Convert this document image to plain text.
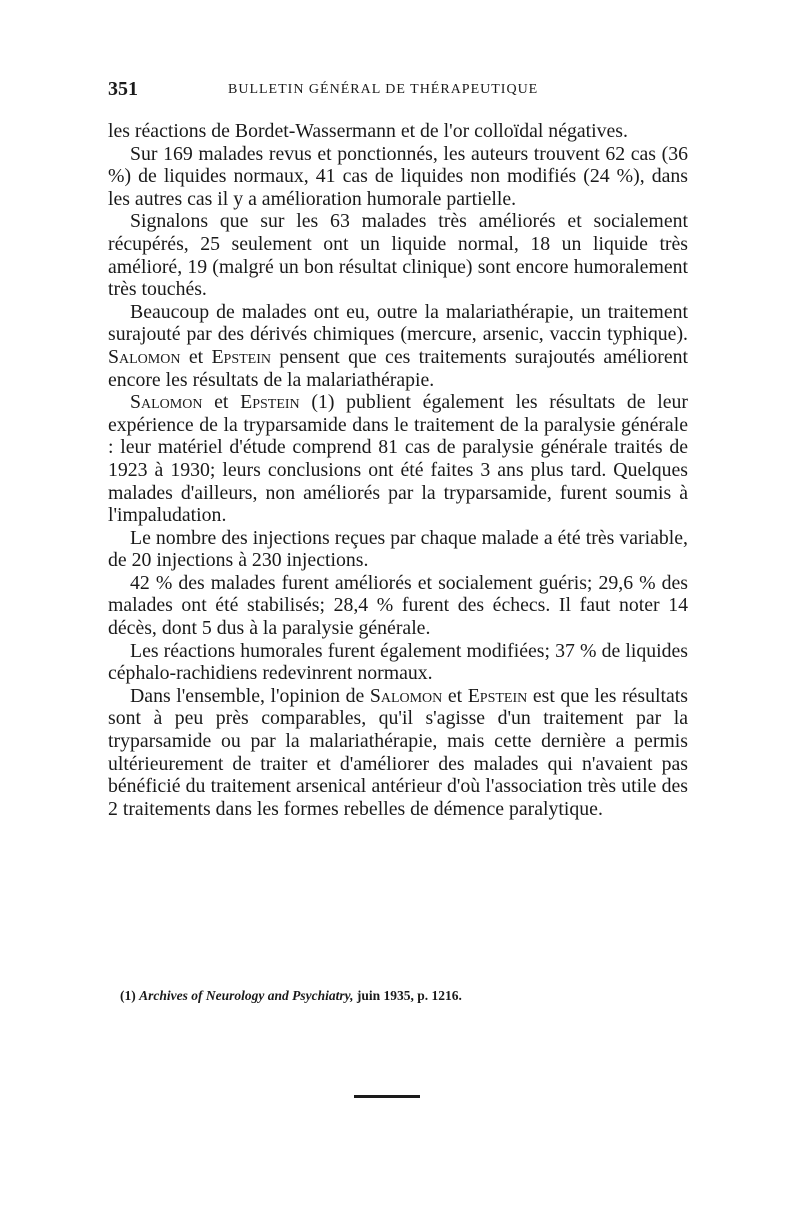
351	BULLETIN GÉNÉRAL DE THÉRAPEUTIQUE

les réactions de Bordet-Wassermann et de l'or colloïdal négatives.

Sur 169 malades revus et ponctionnés, les auteurs trouvent 62 cas (36 %) de liquides normaux, 41 cas de liquides non modifiés (24 %), dans les autres cas il y a amélioration humorale partielle.

Signalons que sur les 63 malades très améliorés et socialement récupérés, 25 seulement ont un liquide normal, 18 un liquide très amélioré, 19 (malgré un bon résultat clinique) sont encore humoralement très touchés.

Beaucoup de malades ont eu, outre la malariathérapie, un traitement surajouté par des dérivés chimiques (mercure, arsenic, vaccin typhique). Salomon et Epstein pensent que ces traitements surajoutés améliorent encore les résultats de la malariathérapie.

Salomon et Epstein (1) publient également les résultats de leur expérience de la tryparsamide dans le traitement de la paralysie générale : leur matériel d'étude comprend 81 cas de paralysie générale traités de 1923 à 1930; leurs conclusions ont été faites 3 ans plus tard. Quelques malades d'ailleurs, non améliorés par la tryparsamide, furent soumis à l'impaludation.

Le nombre des injections reçues par chaque malade a été très variable, de 20 injections à 230 injections.

42 % des malades furent améliorés et socialement guéris; 29,6 % des malades ont été stabilisés; 28,4 % furent des échecs. Il faut noter 14 décès, dont 5 dus à la paralysie générale.

Les réactions humorales furent également modifiées; 37 % de liquides céphalo-rachidiens redevinrent normaux.

Dans l'ensemble, l'opinion de Salomon et Epstein est que les résultats sont à peu près comparables, qu'il s'agisse d'un traitement par la tryparsamide ou par la malariathérapie, mais cette dernière a permis ultérieurement de traiter et d'améliorer des malades qui n'avaient pas bénéficié du traitement arsenical antérieur d'où l'association très utile des 2 traitements dans les formes rebelles de démence paralytique.

(1) Archives of Neurology and Psychiatry, juin 1935, p. 1216.
